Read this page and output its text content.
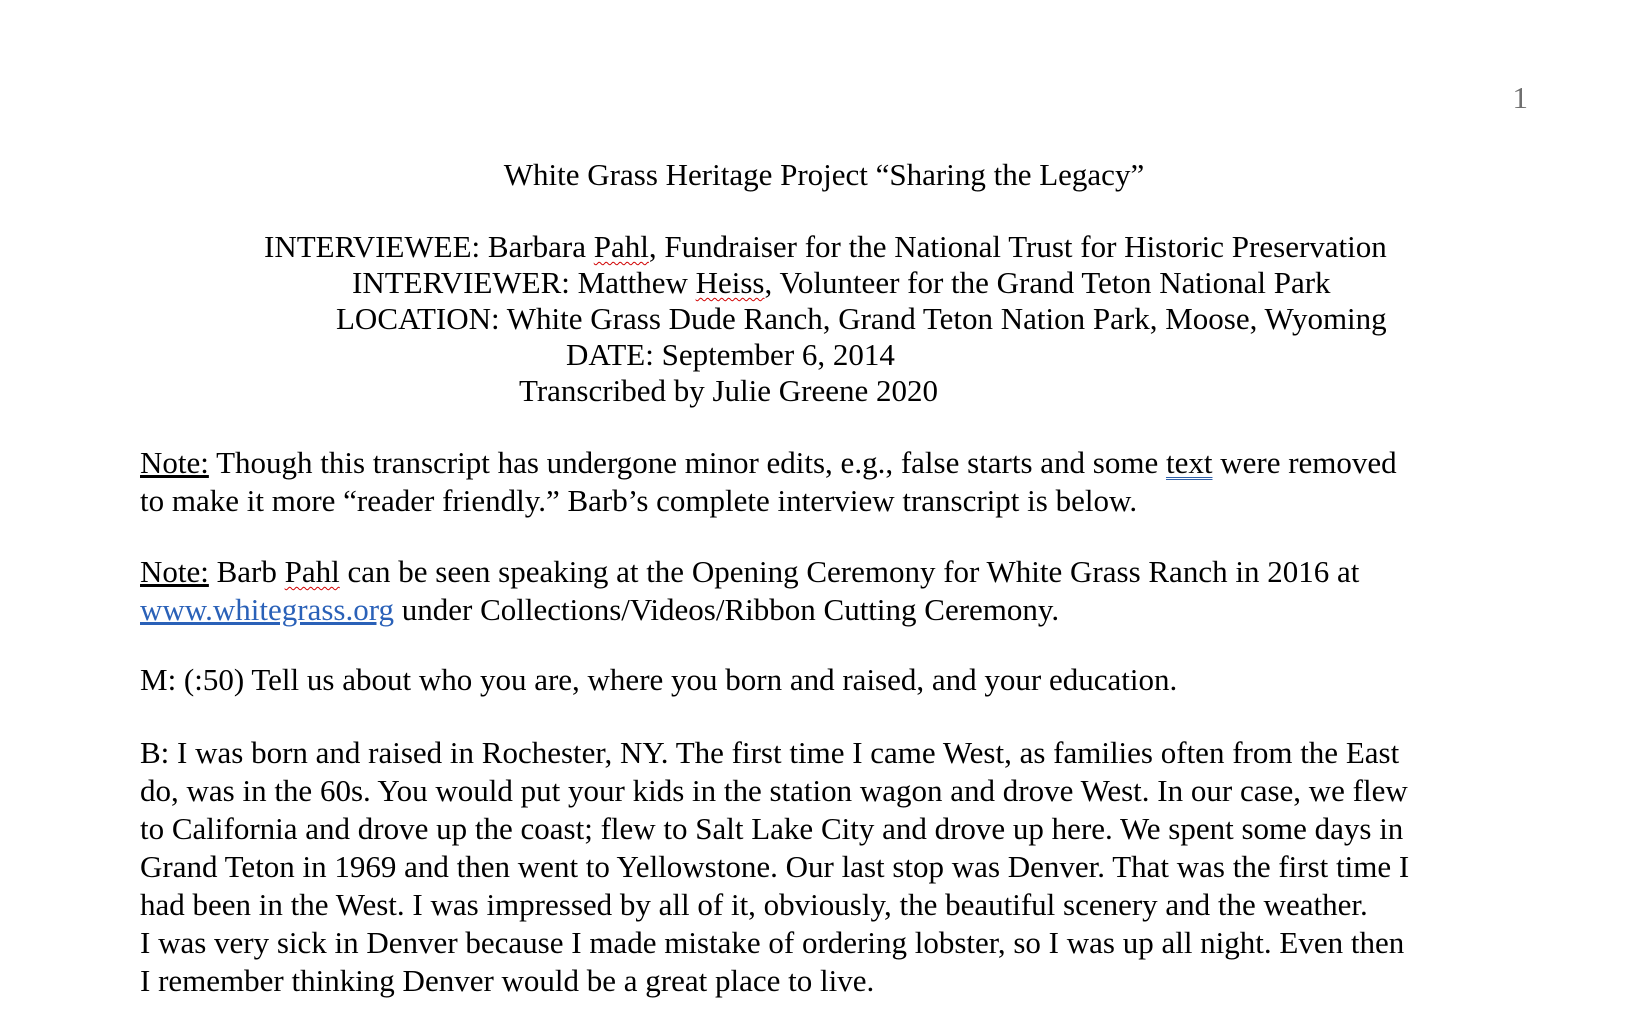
1
White Grass Heritage Project “Sharing the Legacy”
INTERVIEWEE: Barbara Pahl, Fundraiser for the National Trust for Historic Preservation
INTERVIEWER: Matthew Heiss, Volunteer for the Grand Teton National Park
LOCATION: White Grass Dude Ranch, Grand Teton Nation Park, Moose, Wyoming
DATE: September 6, 2014
Transcribed by Julie Greene 2020
Note: Though this transcript has undergone minor edits, e.g., false starts and some text were removed
to make it more “reader friendly.” Barb’s complete interview transcript is below.
Note: Barb Pahl can be seen speaking at the Opening Ceremony for White Grass Ranch in 2016 at
www.whitegrass.org under Collections/Videos/Ribbon Cutting Ceremony.
M: (:50) Tell us about who you are, where you born and raised, and your education.
B: I was born and raised in Rochester, NY. The first time I came West, as families often from the East
do, was in the 60s. You would put your kids in the station wagon and drove West. In our case, we flew
to California and drove up the coast; flew to Salt Lake City and drove up here. We spent some days in
Grand Teton in 1969 and then went to Yellowstone. Our last stop was Denver. That was the first time I
had been in the West. I was impressed by all of it, obviously, the beautiful scenery and the weather.
I was very sick in Denver because I made mistake of ordering lobster, so I was up all night. Even then
I remember thinking Denver would be a great place to live.
